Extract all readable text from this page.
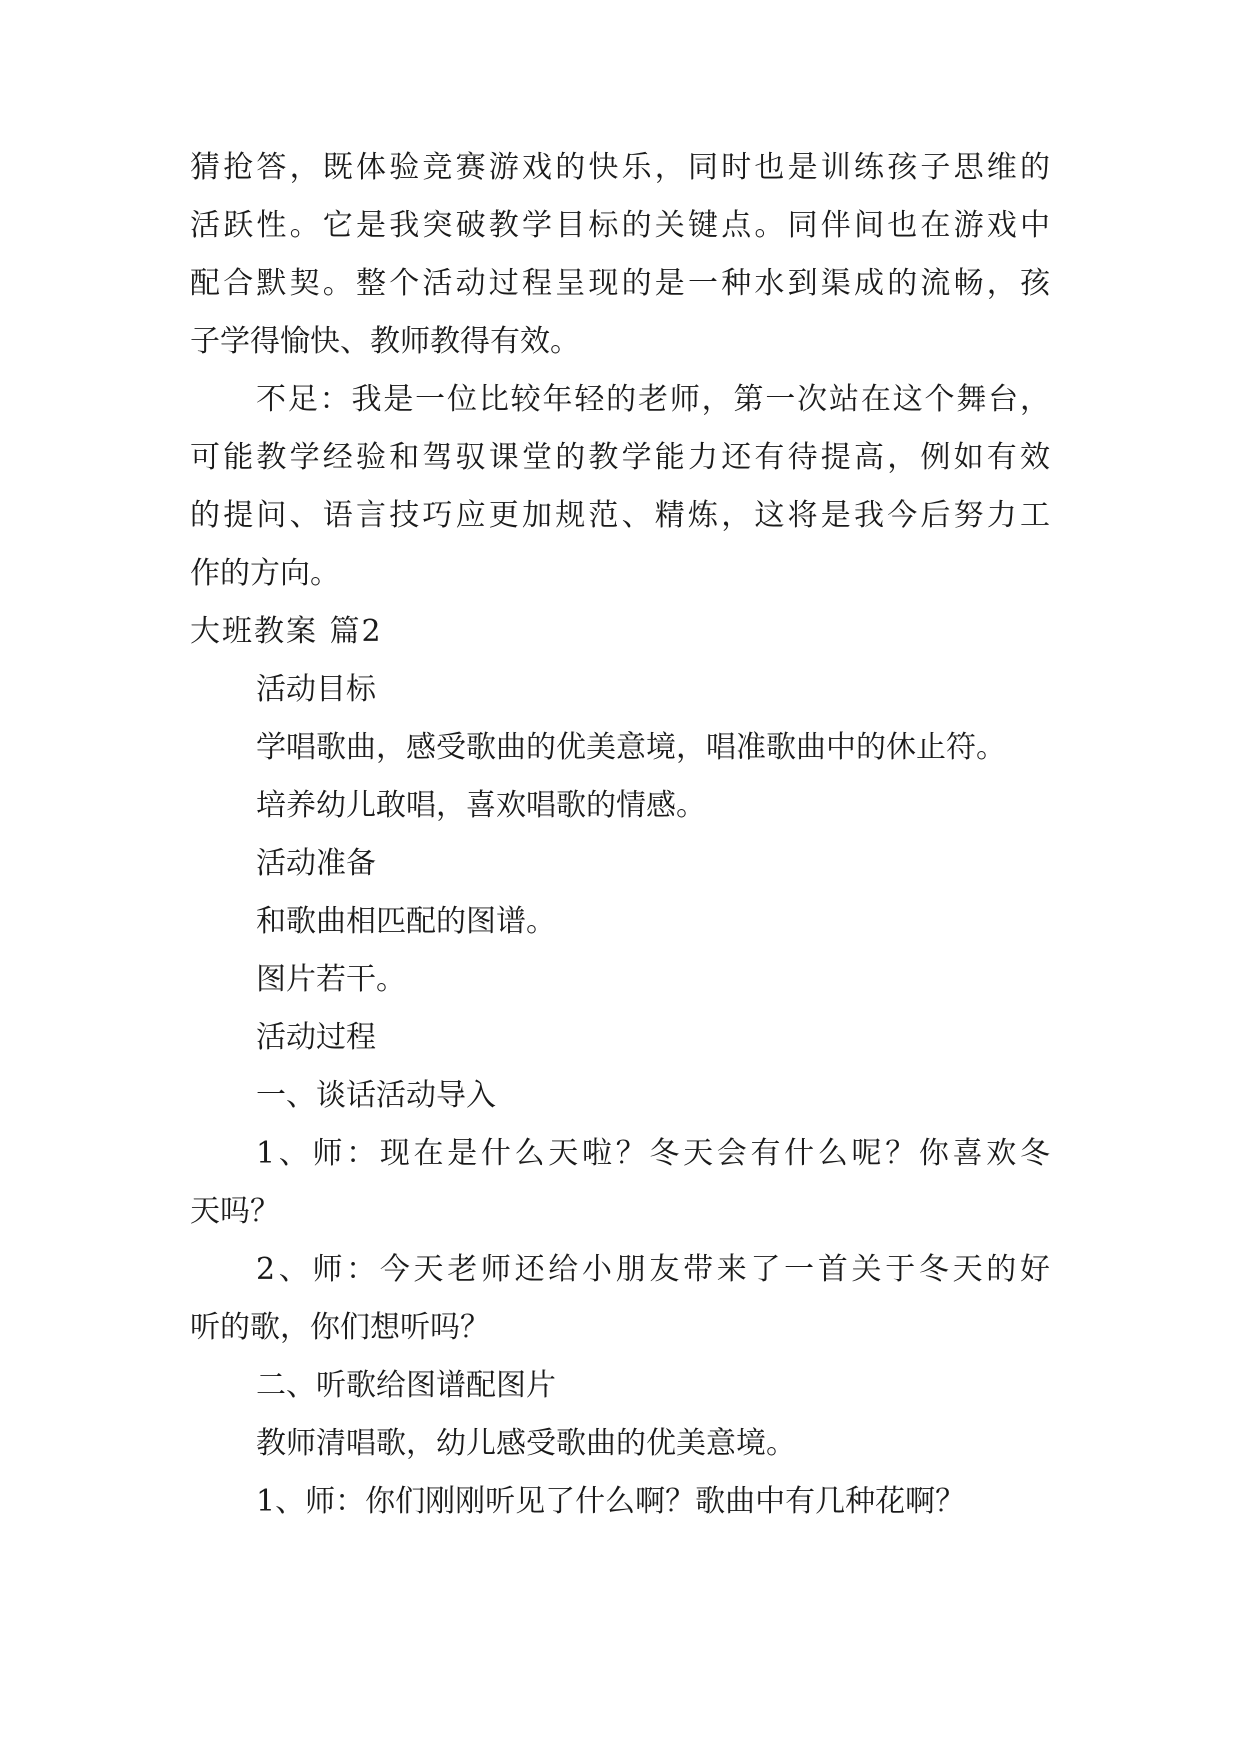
猜抢答，既体验竞赛游戏的快乐，同时也是训练孩子思维的
活跃性。它是我突破教学目标的关键点。同伴间也在游戏中
配合默契。整个活动过程呈现的是一种水到渠成的流畅，孩
子学得愉快、教师教得有效。
不足：我是一位比较年轻的老师，第一次站在这个舞台，
可能教学经验和驾驭课堂的教学能力还有待提高，例如有效
的提问、语言技巧应更加规范、精炼，这将是我今后努力工
作的方向。
大班教案 篇2
活动目标
学唱歌曲，感受歌曲的优美意境，唱准歌曲中的休止符。
培养幼儿敢唱，喜欢唱歌的情感。
活动准备
和歌曲相匹配的图谱。
图片若干。
活动过程
一、谈话活动导入
1、师：现在是什么天啦？冬天会有什么呢？你喜欢冬
天吗？
2、师：今天老师还给小朋友带来了一首关于冬天的好
听的歌，你们想听吗？
二、听歌给图谱配图片
教师清唱歌，幼儿感受歌曲的优美意境。
1、师：你们刚刚听见了什么啊？歌曲中有几种花啊？
